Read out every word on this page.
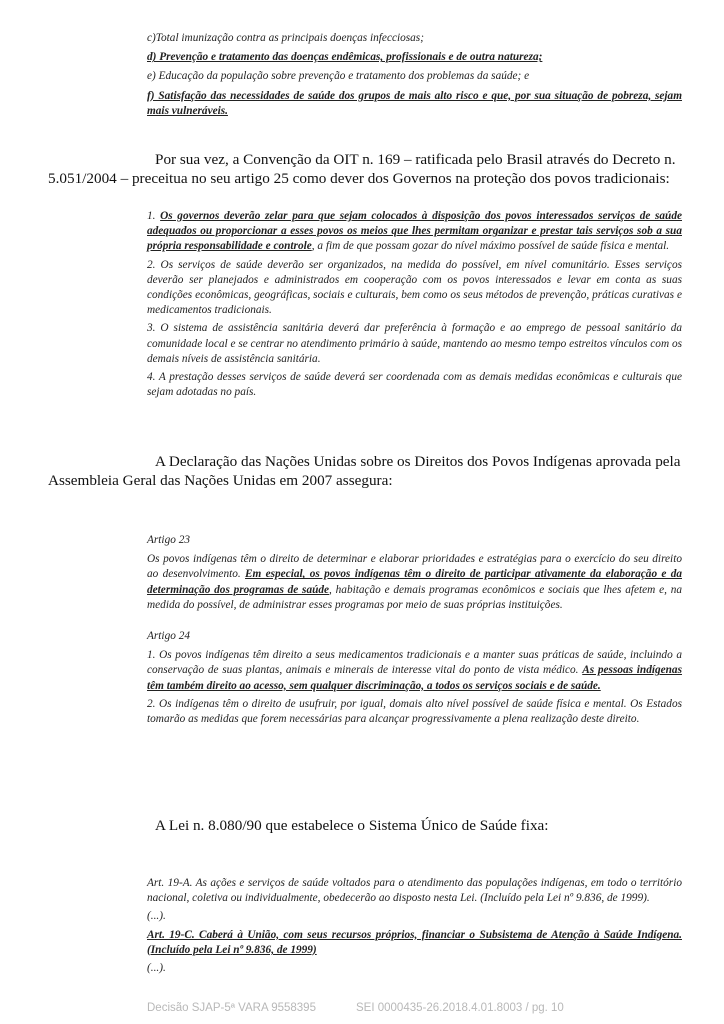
c)Total imunização contra as principais doenças infecciosas;

d) Prevenção e tratamento das doenças endêmicas, profissionais e de outra natureza;

e) Educação da população sobre prevenção e tratamento dos problemas da saúde; e

f) Satisfação das necessidades de saúde dos grupos de mais alto risco e que, por sua situação de pobreza, sejam mais vulneráveis.

Por sua vez, a Convenção da OIT n. 169 – ratificada pelo Brasil através do Decreto n. 5.051/2004 – preceitua no seu artigo 25 como dever dos Governos na proteção dos povos tradicionais:

1. Os governos deverão zelar para que sejam colocados à disposição dos povos interessados serviços de saúde adequados ou proporcionar a esses povos os meios que lhes permitam organizar e prestar tais serviços sob a sua própria responsabilidade e controle, a fim de que possam gozar do nível máximo possível de saúde física e mental.

2. Os serviços de saúde deverão ser organizados, na medida do possível, em nível comunitário. Esses serviços deverão ser planejados e administrados em cooperação com os povos interessados e levar em conta as suas condições econômicas, geográficas, sociais e culturais, bem como os seus métodos de prevenção, práticas curativas e medicamentos tradicionais.

3. O sistema de assistência sanitária deverá dar preferência à formação e ao emprego de pessoal sanitário da comunidade local e se centrar no atendimento primário à saúde, mantendo ao mesmo tempo estreitos vínculos com os demais níveis de assistência sanitária.

4. A prestação desses serviços de saúde deverá ser coordenada com as demais medidas econômicas e culturais que sejam adotadas no país.

A Declaração das Nações Unidas sobre os Direitos dos Povos Indígenas aprovada pela Assembleia Geral das Nações Unidas em 2007 assegura:

Artigo 23

Os povos indígenas têm o direito de determinar e elaborar prioridades e estratégias para o exercício do seu direito ao desenvolvimento. Em especial, os povos indígenas têm o direito de participar ativamente da elaboração e da determinação dos programas de saúde, habitação e demais programas econômicos e sociais que lhes afetem e, na medida do possível, de administrar esses programas por meio de suas próprias instituições.

Artigo 24

1. Os povos indígenas têm direito a seus medicamentos tradicionais e a manter suas práticas de saúde, incluindo a conservação de suas plantas, animais e minerais de interesse vital do ponto de vista médico. As pessoas indígenas têm também direito ao acesso, sem qualquer discriminação, a todos os serviços sociais e de saúde.

2. Os indígenas têm o direito de usufruir, por igual, domais alto nível possível de saúde física e mental. Os Estados tomarão as medidas que forem necessárias para alcançar progressivamente a plena realização deste direito.

A Lei n. 8.080/90 que estabelece o Sistema Único de Saúde fixa:

Art. 19-A. As ações e serviços de saúde voltados para o atendimento das populações indígenas, em todo o território nacional, coletiva ou individualmente, obedecerão ao disposto nesta Lei. (Incluído pela Lei nº 9.836, de 1999).

(...).

Art. 19-C. Caberá à União, com seus recursos próprios, financiar o Subsistema de Atenção à Saúde Indígena. (Incluído pela Lei nº 9.836, de 1999)

(...).

Decisão SJAP-5ª VARA 9558395	SEI 0000435-26.2018.4.01.8003 / pg. 10
